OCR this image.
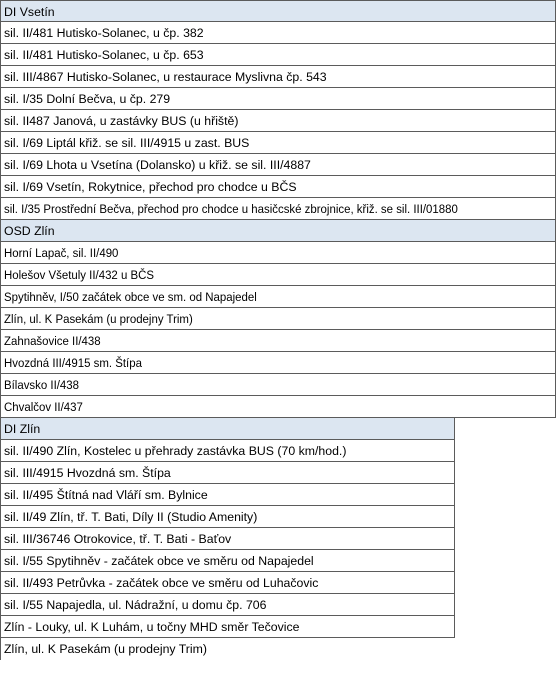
DI Vsetín
sil. II/481 Hutisko-Solanec, u čp. 382
sil. II/481 Hutisko-Solanec, u čp. 653
sil. III/4867 Hutisko-Solanec, u restaurace Myslivna čp. 543
sil. I/35 Dolní Bečva, u čp. 279
sil. II487 Janová, u zastávky BUS (u hřiště)
sil. I/69 Liptál křiž. se sil. III/4915 u zast. BUS
sil. I/69 Lhota u Vsetína (Dolansko) u křiž. se sil. III/4887
sil. I/69 Vsetín, Rokytnice, přechod pro chodce u BČS
sil. I/35 Prostřední Bečva, přechod pro chodce u hasičcské zbrojnice, křiž. se sil. III/01880
OSD Zlín
Horní Lapač, sil. II/490
Holešov Všetuly II/432 u BČS
Spytihněv, I/50 začátek obce ve sm. od Napajedel
Zlín, ul. K Pasekám (u prodejny Trim)
Zahnašovice II/438
Hvozdná III/4915 sm. Štípa
Bílavsko II/438
Chvalčov II/437
DI Zlín
sil. II/490 Zlín, Kostelec u přehrady zastávka BUS (70 km/hod.)
sil. III/4915 Hvozdná sm. Štípa
sil. II/495 Štítná nad Vláří sm. Bylnice
sil. II/49 Zlín, tř. T. Bati, Díly II (Studio Amenity)
sil. III/36746 Otrokovice, tř. T. Bati - Baťov
sil. I/55 Spytihněv - začátek obce ve směru od Napajedel
sil. II/493 Petrůvka - začátek obce ve směru od Luhačovic
sil. I/55 Napajedla, ul. Nádražní, u domu čp. 706
Zlín - Louky, ul. K Luhám, u točny MHD směr Tečovice
Zlín, ul. K Pasekám (u prodejny Trim)
